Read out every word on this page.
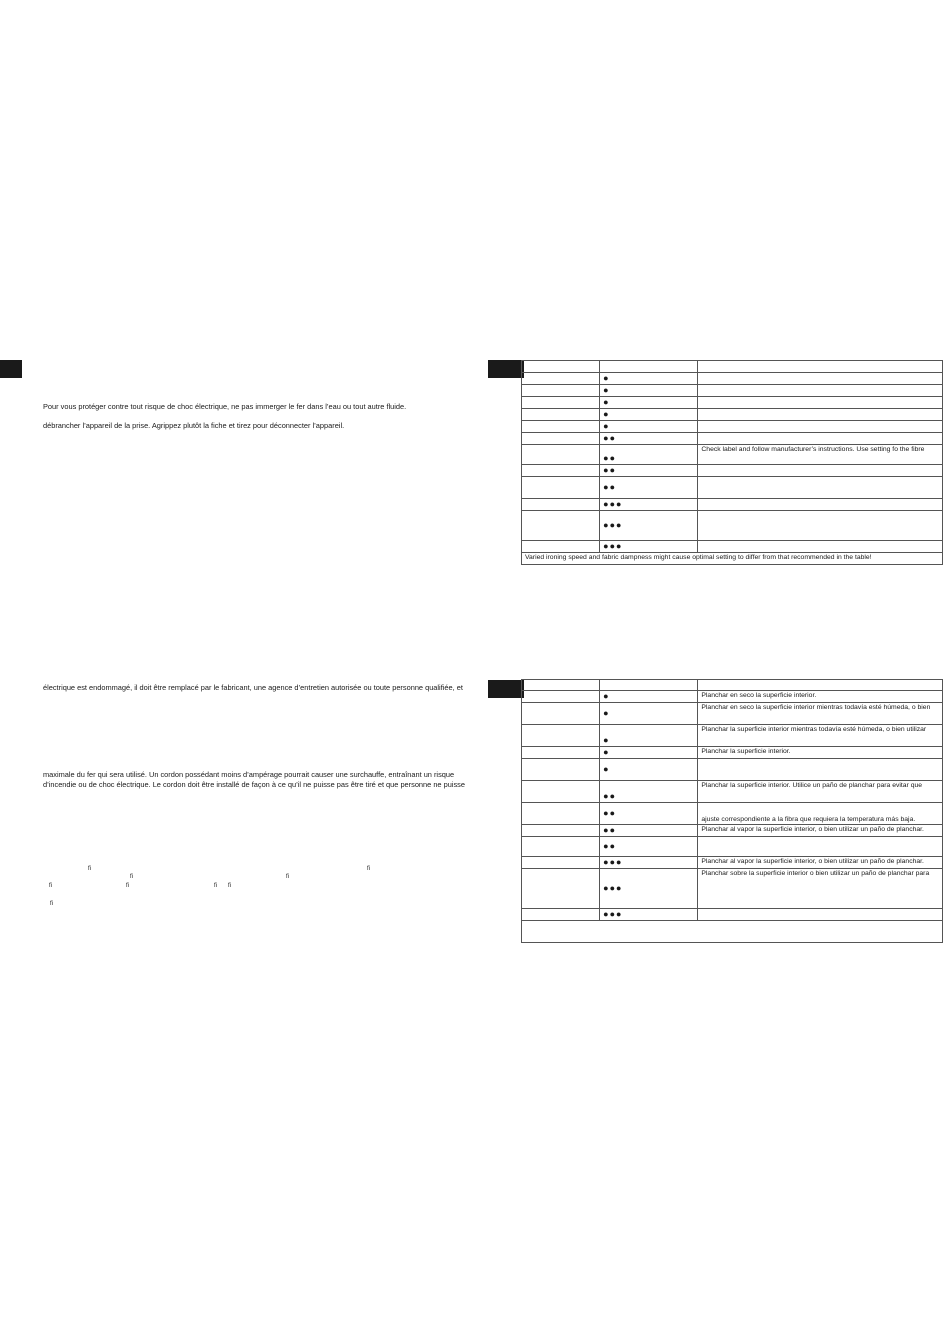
Pour vous protéger contre tout risque de choc électrique, ne pas immerger le fer dans l’eau ou tout autre fluide.
débrancher l’appareil de la prise. Agrippez plutôt la fiche et tirez pour déconnecter l’appareil.
électrique est endommagé, il doit être remplacé par le fabricant, une agence d’entretien autorisée ou toute personne qualifiée, et
maximale du fer qui sera utilisé. Un cordon possédant moins d’ampérage pourrait causer une surchauffe, entraînant un risque
d’incendie ou de choc électrique. Le cordon doit être installé de façon à ce qu’il ne puisse pas être tiré et que personne ne puisse
ﬁ	ﬁ
ﬁ	ﬁ
ﬁ	ﬁ	ﬁ ﬁ
ﬁ

	●	

	●	

	●	

	●	

	●	

	●●	

	●●	Check label and follow manufacturer’s instructions. Use setting fo the fibre

	●●	

	●●	

	●●●	

	●●●	

	●●●	

Varied ironing speed and fabric dampness might cause optimal setting to differ from that recommended in the table!		

	●	Planchar en seco la superficie interior.

	●	Planchar en seco la superficie interior mientras todavía esté húmeda, o bien

	●	Planchar la superficie interior mientras todavía esté húmeda, o bien utilizar

	●	Planchar la superficie interior.

	●	

	●●	Planchar la superficie interior. Utilice un paño de planchar para evitar que

	●●	ajuste correspondiente a la fibra que requiera la temperatura más baja.

	●●	Planchar al vapor la superficie interior, o bien utilizar un paño de planchar.

	●●	

	●●●	Planchar al vapor la superficie interior, o bien utilizar un paño de planchar.

	●●●	Planchar sobre la superficie interior o bien utilizar un paño de planchar para

	●●●	
